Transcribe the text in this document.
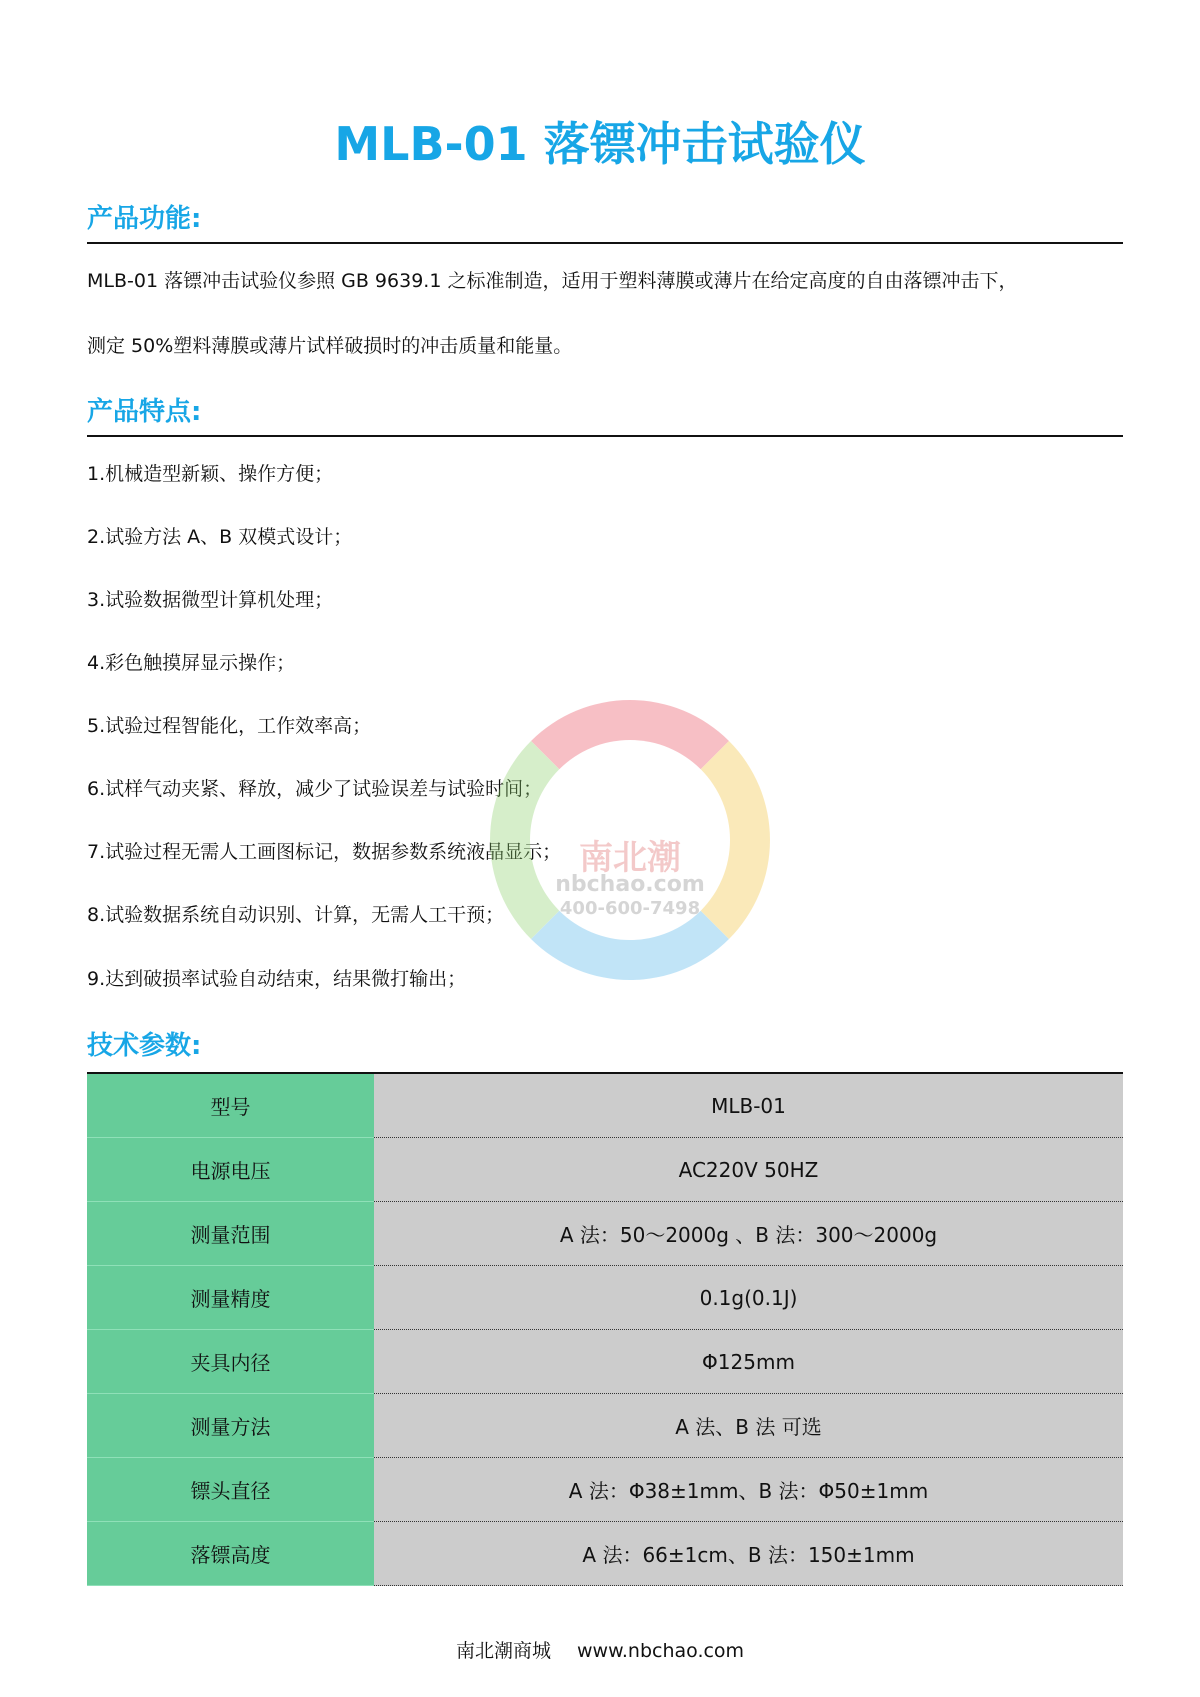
MLB-01 落镖冲击试验仪
产品功能:
MLB-01 落镖冲击试验仪参照 GB 9639.1 之标准制造，适用于塑料薄膜或薄片在给定高度的自由落镖冲击下，
测定 50%塑料薄膜或薄片试样破损时的冲击质量和能量。
产品特点:
1.机械造型新颖、操作方便；
2.试验方法 A、B 双模式设计；
3.试验数据微型计算机处理；
4.彩色触摸屏显示操作；
5.试验过程智能化，工作效率高；
6.试样气动夹紧、释放，减少了试验误差与试验时间；
7.试验过程无需人工画图标记，数据参数系统液晶显示；
8.试验数据系统自动识别、计算，无需人工干预；
9.达到破损率试验自动结束，结果微打输出；
技术参数:
型号	MLB-01
电源电压	AC220V 50HZ
测量范围	A 法：50～2000g 、B 法：300～2000g
测量精度	0.1g(0.1J)
夹具内径	Φ125mm
测量方法	A 法、B 法 可选
镖头直径	A 法：Φ38±1mm、B 法：Φ50±1mm
落镖高度	A 法：66±1cm、B 法：150±1mm
南北潮
nbchao.com
400-600-7498
南北潮商城 www.nbchao.com
